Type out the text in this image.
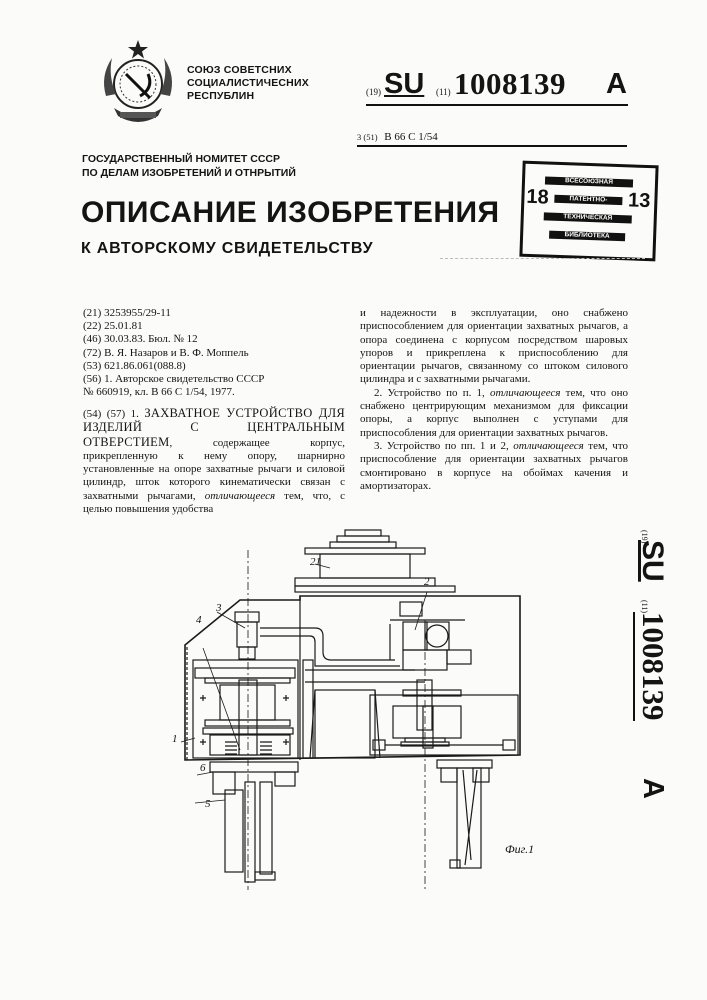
СОЮЗ СОВЕТСНИХ
СОЦИАЛИСТИЧЕСНИХ
РЕСПУБЛИН	(19) SU (11) 1008139 A
3 (51) B 66 C 1/54
ГОСУДАРСТВЕННЫЙ НОМИТЕТ СССР
ПО ДЕЛАМ ИЗОБРЕТЕНИЙ И ОТНРЫТИЙ
ОПИСАНИЕ ИЗОБРЕТЕНИЯ
К АВТОРСКОМУ СВИДЕТЕЛЬСТВУ
ВСЕСОЮЗНАЯ
ПАТЕНТНО-
ТЕХНИЧЕСКАЯ
БИБЛИОТЕКА
18	13
(21) 3253955/29-11
(22) 25.01.81
(46) 30.03.83. Бюл. № 12
(72) В. Я. Назаров и В. Ф. Моппель
(53) 621.86.061(088.8)
(56) 1. Авторское свидетельство СССР
№ 660919, кл. В 66 С 1/54, 1977.

(54) (57) 1. ЗАХВАТНОЕ УСТРОЙСТВО ДЛЯ ИЗДЕЛИЙ С ЦЕНТРАЛЬНЫМ ОТВЕРСТИЕМ, содержащее корпус, прикрепленную к нему опору, шарнирно установленные на опоре захватные рычаги и силовой цилиндр, шток которого кинематически связан с захватными рычагами, отличающееся тем, что, с целью повышения удобства

и надежности в эксплуатации, оно снабжено приспособлением для ориентации захватных рычагов, а опора соединена с корпусом посредством шаровых упоров и прикреплена к приспособлению для ориентации рычагов, связанному со штоком силового цилиндра и с захватными рычагами.

2. Устройство по п. 1, отличающееся тем, что оно снабжено центрирующим механизмом для фиксации опоры, а корпус выполнен с уступами для приспособления для ориентации захватных рычагов.

3. Устройство по пп. 1 и 2, отличающееся тем, что приспособление для ориентации захватных рычагов смонтировано в корпусе на обоймах качения и амортизаторах.

(19)
SU
(11)
1008139
A
21
2
3
4
1
6
5
Фиг.1
